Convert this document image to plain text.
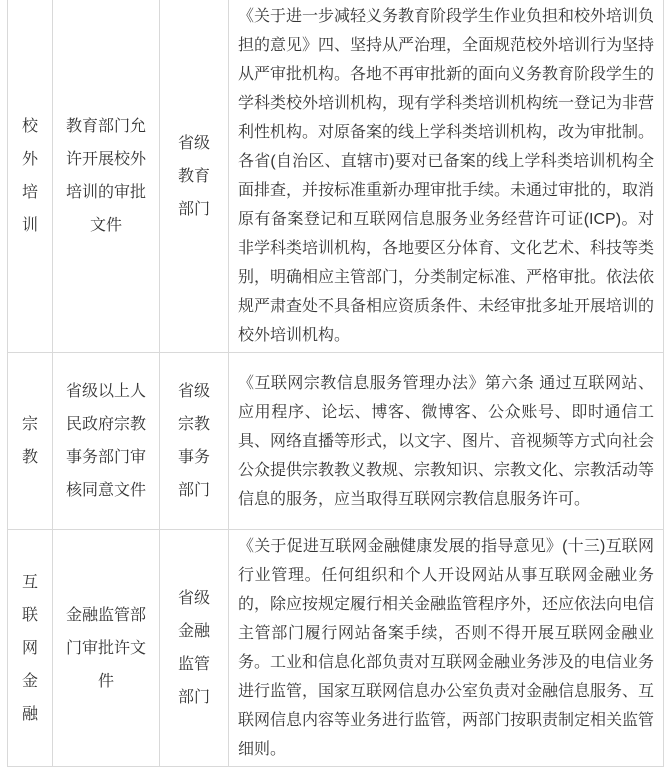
校外培训	教育部门允许开展校外培训的审批文件	省级教育部门	《关于进一步减轻义务教育阶段学生作业负担和校外培训负担的意见》四、坚持从严治理，全面规范校外培训行为坚持从严审批机构。各地不再审批新的面向义务教育阶段学生的学科类校外培训机构，现有学科类培训机构统一登记为非营利性机构。对原备案的线上学科类培训机构，改为审批制。各省(自治区、直辖市)要对已备案的线上学科类培训机构全面排查，并按标准重新办理审批手续。未通过审批的，取消原有备案登记和互联网信息服务业务经营许可证(ICP)。对非学科类培训机构，各地要区分体育、文化艺术、科技等类别，明确相应主管部门，分类制定标准、严格审批。依法依规严肃查处不具备相应资质条件、未经审批多址开展培训的校外培训机构。
宗教	省级以上人民政府宗教事务部门审核同意文件	省级宗教事务部门	《互联网宗教信息服务管理办法》第六条 通过互联网站、应用程序、论坛、博客、微博客、公众账号、即时通信工具、网络直播等形式，以文字、图片、音视频等方式向社会公众提供宗教教义教规、宗教知识、宗教文化、宗教活动等信息的服务，应当取得互联网宗教信息服务许可。
互联网金融	金融监管部门审批许文件	省级金融监管部门	《关于促进互联网金融健康发展的指导意见》(十三)互联网行业管理。任何组织和个人开设网站从事互联网金融业务的，除应按规定履行相关金融监管程序外，还应依法向电信主管部门履行网站备案手续，否则不得开展互联网金融业务。工业和信息化部负责对互联网金融业务涉及的电信业务进行监管，国家互联网信息办公室负责对金融信息服务、互联网信息内容等业务进行监管，两部门按职责制定相关监管细则。
